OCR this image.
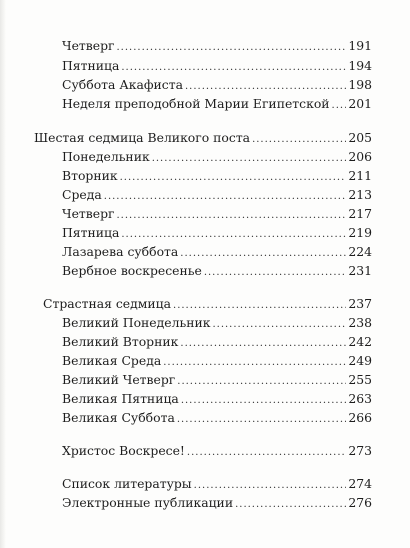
Четверг .....	191
Пятница .....	194
Суббота Акафиста .....	198
Неделя преподобной Марии Египетской ..... 201
Шестая седмица Великого поста .....	205
Понедельник .....	206
Вторник .....	211
Среда .....	213
Четверг .....	217
Пятница .....	219
Лазарева суббота .....	224
Вербное воскресенье .....	231
Страстная седмица .....	237
Великий Понедельник .....	238
Великий Вторник .....	242
Великая Среда .....	249
Великий Четверг .....	255
Великая Пятница .....	263
Великая Суббота .....	266
Христос Воскресе! .....	273
Список литературы .....	274
Электронные публикации .....	276
